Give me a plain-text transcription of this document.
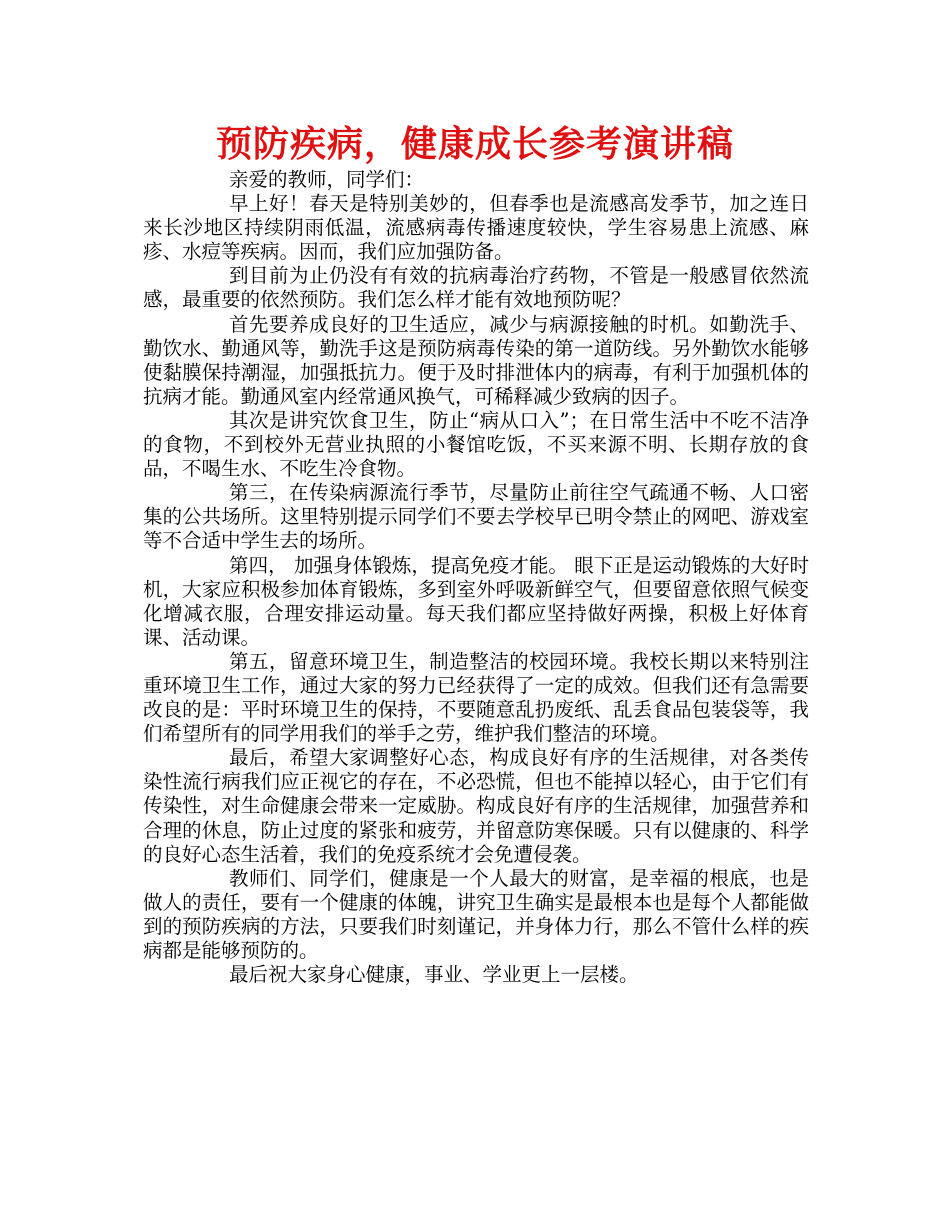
预防疾病，健康成长参考演讲稿

亲爱的教师，同学们：

早上好！春天是特别美妙的，但春季也是流感高发季节，加之连日来长沙地区持续阴雨低温，流感病毒传播速度较快，学生容易患上流感、麻疹、水痘等疾病。因而，我们应加强防备。

到目前为止仍没有有效的抗病毒治疗药物，不管是一般感冒依然流感，最重要的依然预防。我们怎么样才能有效地预防呢？

首先要养成良好的卫生适应，减少与病源接触的时机。如勤洗手、勤饮水、勤通风等，勤洗手这是预防病毒传染的第一道防线。另外勤饮水能够使黏膜保持潮湿，加强抵抗力。便于及时排泄体内的病毒，有利于加强机体的抗病才能。勤通风室内经常通风换气，可稀释减少致病的因子。

其次是讲究饮食卫生，防止“病从口入”；在日常生活中不吃不洁净的食物，不到校外无营业执照的小餐馆吃饭，不买来源不明、长期存放的食品，不喝生水、不吃生冷食物。

第三，在传染病源流行季节，尽量防止前往空气疏通不畅、人口密集的公共场所。这里特别提示同学们不要去学校早已明令禁止的网吧、游戏室等不合适中学生去的场所。

第四， 加强身体锻炼，提高免疫才能。 眼下正是运动锻炼的大好时机，大家应积极参加体育锻炼，多到室外呼吸新鲜空气，但要留意依照气候变化增减衣服，合理安排运动量。每天我们都应坚持做好两操，积极上好体育课、活动课。

第五，留意环境卫生，制造整洁的校园环境。我校长期以来特别注重环境卫生工作，通过大家的努力已经获得了一定的成效。但我们还有急需要改良的是：平时环境卫生的保持，不要随意乱扔废纸、乱丢食品包装袋等，我们希望所有的同学用我们的举手之劳，维护我们整洁的环境。

最后，希望大家调整好心态，构成良好有序的生活规律，对各类传染性流行病我们应正视它的存在，不必恐慌，但也不能掉以轻心，由于它们有传染性，对生命健康会带来一定威胁。构成良好有序的生活规律，加强营养和合理的休息，防止过度的紧张和疲劳，并留意防寒保暖。只有以健康的、科学的良好心态生活着，我们的免疫系统才会免遭侵袭。

教师们、同学们，健康是一个人最大的财富，是幸福的根底，也是做人的责任，要有一个健康的体魄，讲究卫生确实是最根本也是每个人都能做到的预防疾病的方法，只要我们时刻谨记，并身体力行，那么不管什么样的疾病都是能够预防的。

最后祝大家身心健康，事业、学业更上一层楼。
